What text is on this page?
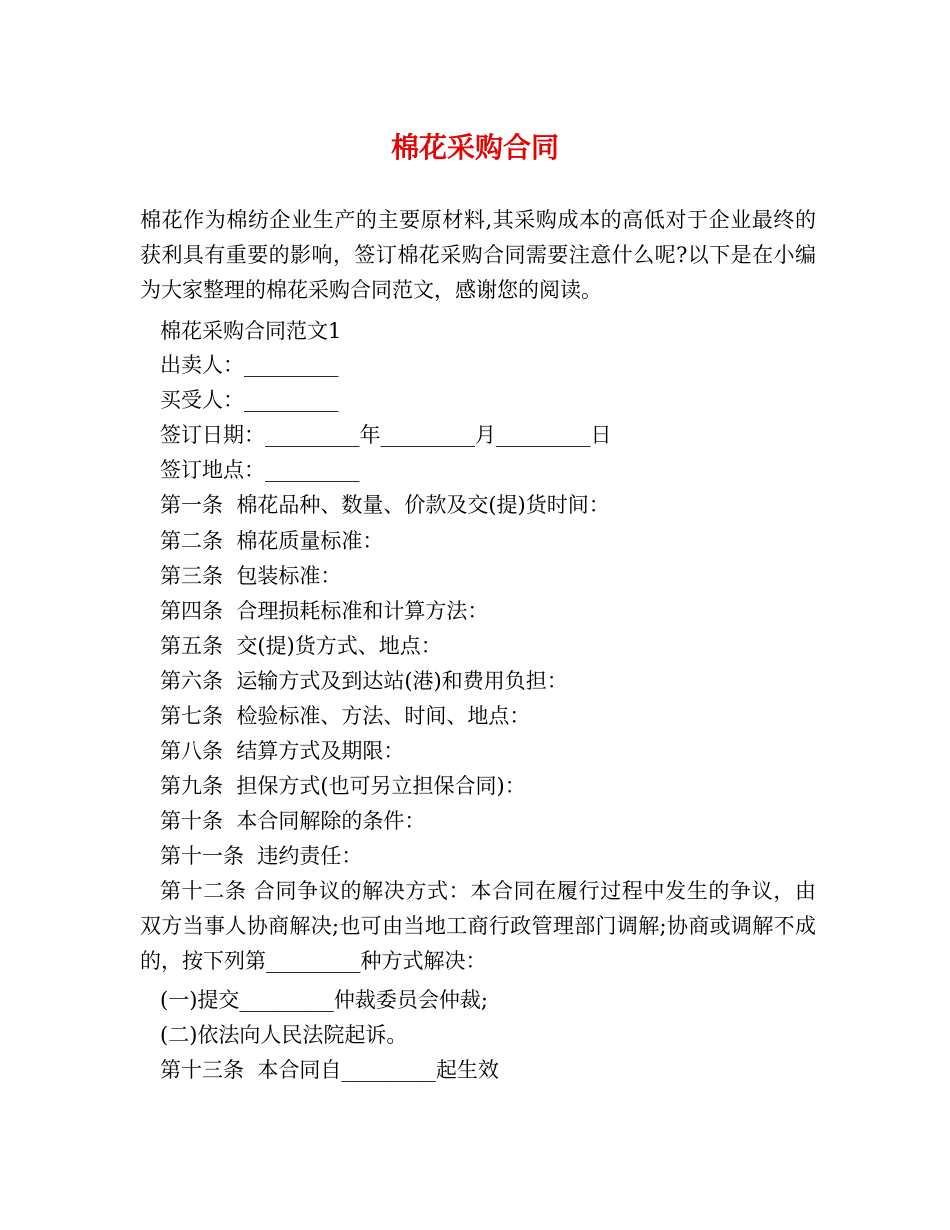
棉花采购合同

棉花作为棉纺企业生产的主要原材料,其采购成本的高低对于企业最终的获利具有重要的影响，签订棉花采购合同需要注意什么呢?以下是在小编为大家整理的棉花采购合同范文，感谢您的阅读。

棉花采购合同范文1
出卖人：_________
买受人：_________
签订日期：_________年_________月_________日
签订地点：_________
第一条  棉花品种、数量、价款及交(提)货时间：
第二条  棉花质量标准：
第三条  包装标准：
第四条  合理损耗标准和计算方法：
第五条  交(提)货方式、地点：
第六条  运输方式及到达站(港)和费用负担：
第七条  检验标准、方法、时间、地点：
第八条  结算方式及期限：
第九条  担保方式(也可另立担保合同)：
第十条  本合同解除的条件：
第十一条  违约责任：

第十二条 合同争议的解决方式：本合同在履行过程中发生的争议，由双方当事人协商解决;也可由当地工商行政管理部门调解;协商或调解不成的，按下列第_________种方式解决：

(一)提交_________仲裁委员会仲裁;
(二)依法向人民法院起诉。
第十三条  本合同自_________起生效
